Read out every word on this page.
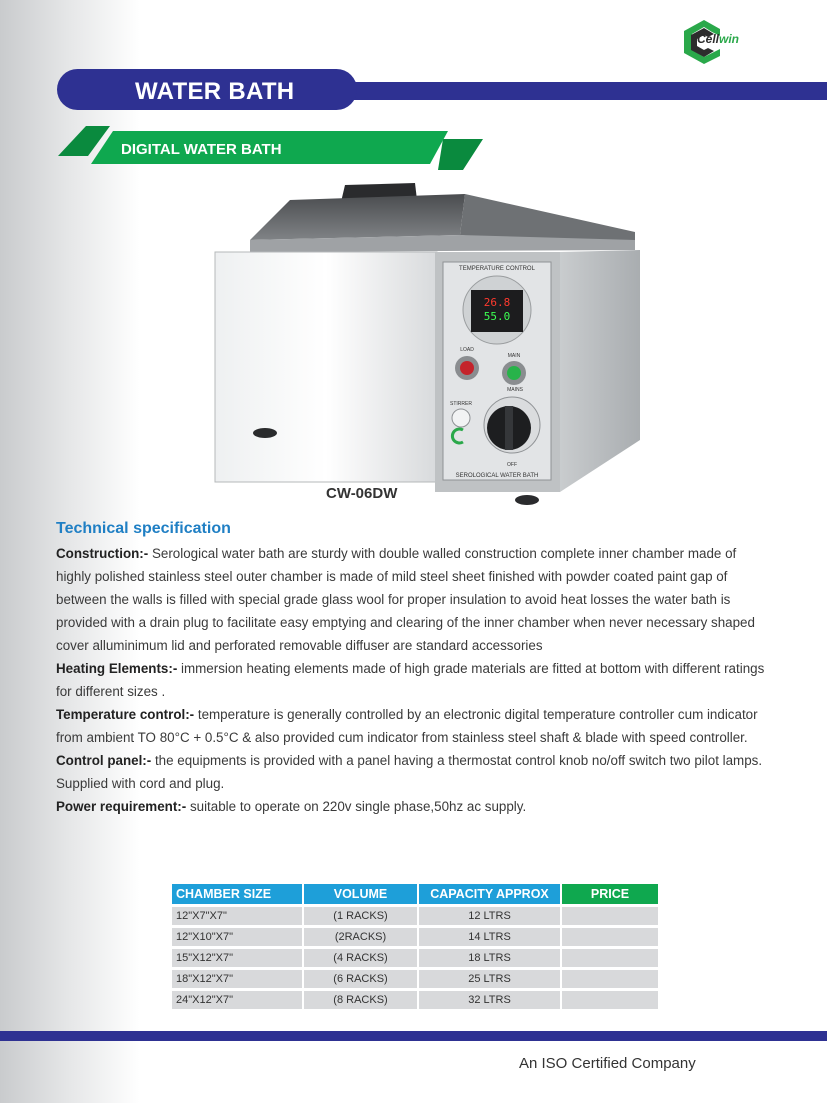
Cellwin
WATER BATH
DIGITAL WATER BATH
TEMPERATURE CONTROL
26.8
55.0
LOAD
MAIN
MAINS
OFF
STIRRER
SEROLOGICAL WATER BATH
CW-06DW
Technical specification

Construction:- Serological water bath are sturdy with double walled construction complete inner chamber made of highly polished stainless steel outer chamber is made of mild steel sheet finished with powder coated paint gap of between the walls is filled with special grade glass wool for proper insulation to avoid heat losses the water bath is provided with a drain plug to facilitate easy emptying and clearing of the inner chamber when never necessary shaped cover alluminimum lid and perforated removable diffuser are standard accessories

Heating Elements:- immersion heating elements made of high grade materials are fitted at bottom with different ratings for different sizes .

Temperature control:- temperature is generally controlled by an electronic digital temperature controller cum indicator from ambient TO 80°C + 0.5°C & also provided cum indicator from stainless steel shaft & blade with speed controller.

Control panel:- the equipments is provided with a panel having a thermostat control knob no/off switch two pilot lamps. Supplied with cord and plug.

Power requirement:- suitable to operate on 220v single phase,50hz ac supply.

CHAMBER SIZE	VOLUME	CAPACITY APPROX	PRICE
12"X7"X7"	(1 RACKS)	12 LTRS	
12"X10"X7"	(2RACKS)	14 LTRS	
15"X12"X7"	(4 RACKS)	18 LTRS	
18"X12"X7"	(6 RACKS)	25 LTRS	
24"X12"X7"	(8 RACKS)	32 LTRS	
An ISO Certified Company
